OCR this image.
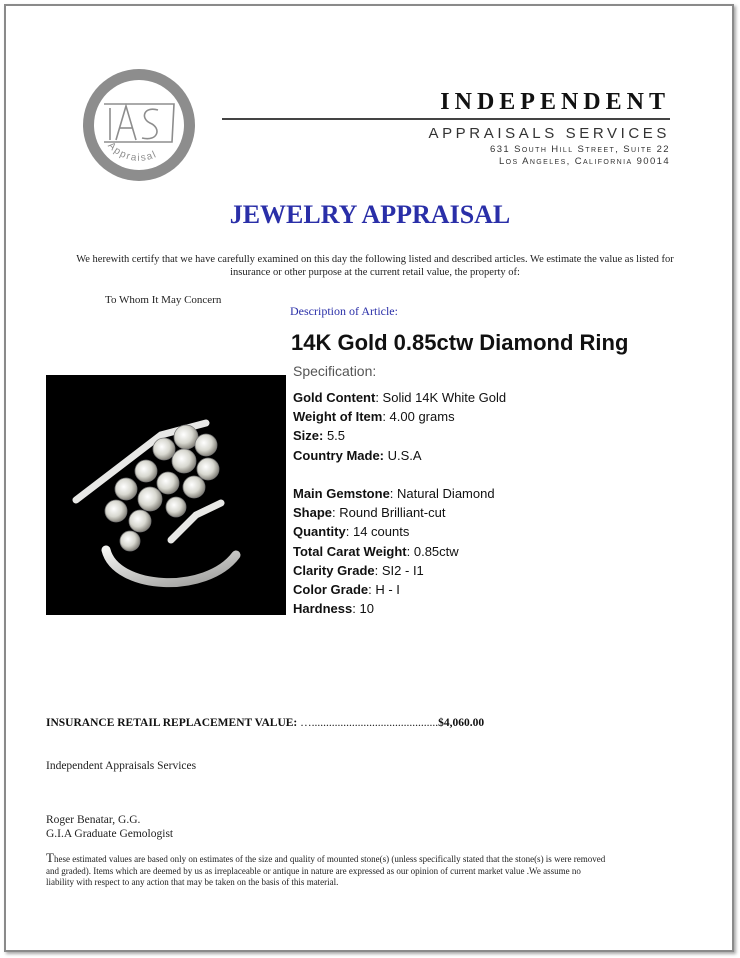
Appraisal
INDEPENDENT
APPRAISALS SERVICES
631 South Hill Street, Suite 22
Los Angeles, California 90014
JEWELRY APPRAISAL
We herewith certify that we have carefully examined on this day the following listed and described articles. We estimate the value as listed for insurance or other purpose at the current retail value, the property of:
To Whom It May Concern
Description of Article:
14K Gold 0.85ctw Diamond Ring
Specification:
Gold Content: Solid 14K White Gold
Weight of Item: 4.00 grams
Size: 5.5
Country Made: U.S.A
Main Gemstone: Natural Diamond
Shape: Round Brilliant-cut
Quantity: 14 counts
Total Carat Weight: 0.85ctw
Clarity Grade: SI2 - I1
Color Grade: H - I
Hardness: 10
INSURANCE RETAIL REPLACEMENT VALUE: …............................................$4,060.00
Independent Appraisals Services
Roger Benatar, G.G.
G.I.A Graduate Gemologist
These estimated values are based only on estimates of the size and quality of mounted stone(s) (unless specifically stated that the stone(s) is were removed and graded). Items which are deemed by us as irreplaceable or antique in nature are expressed as our opinion of current market value .We assume no liability with respect to any action that may be taken on the basis of this material.
